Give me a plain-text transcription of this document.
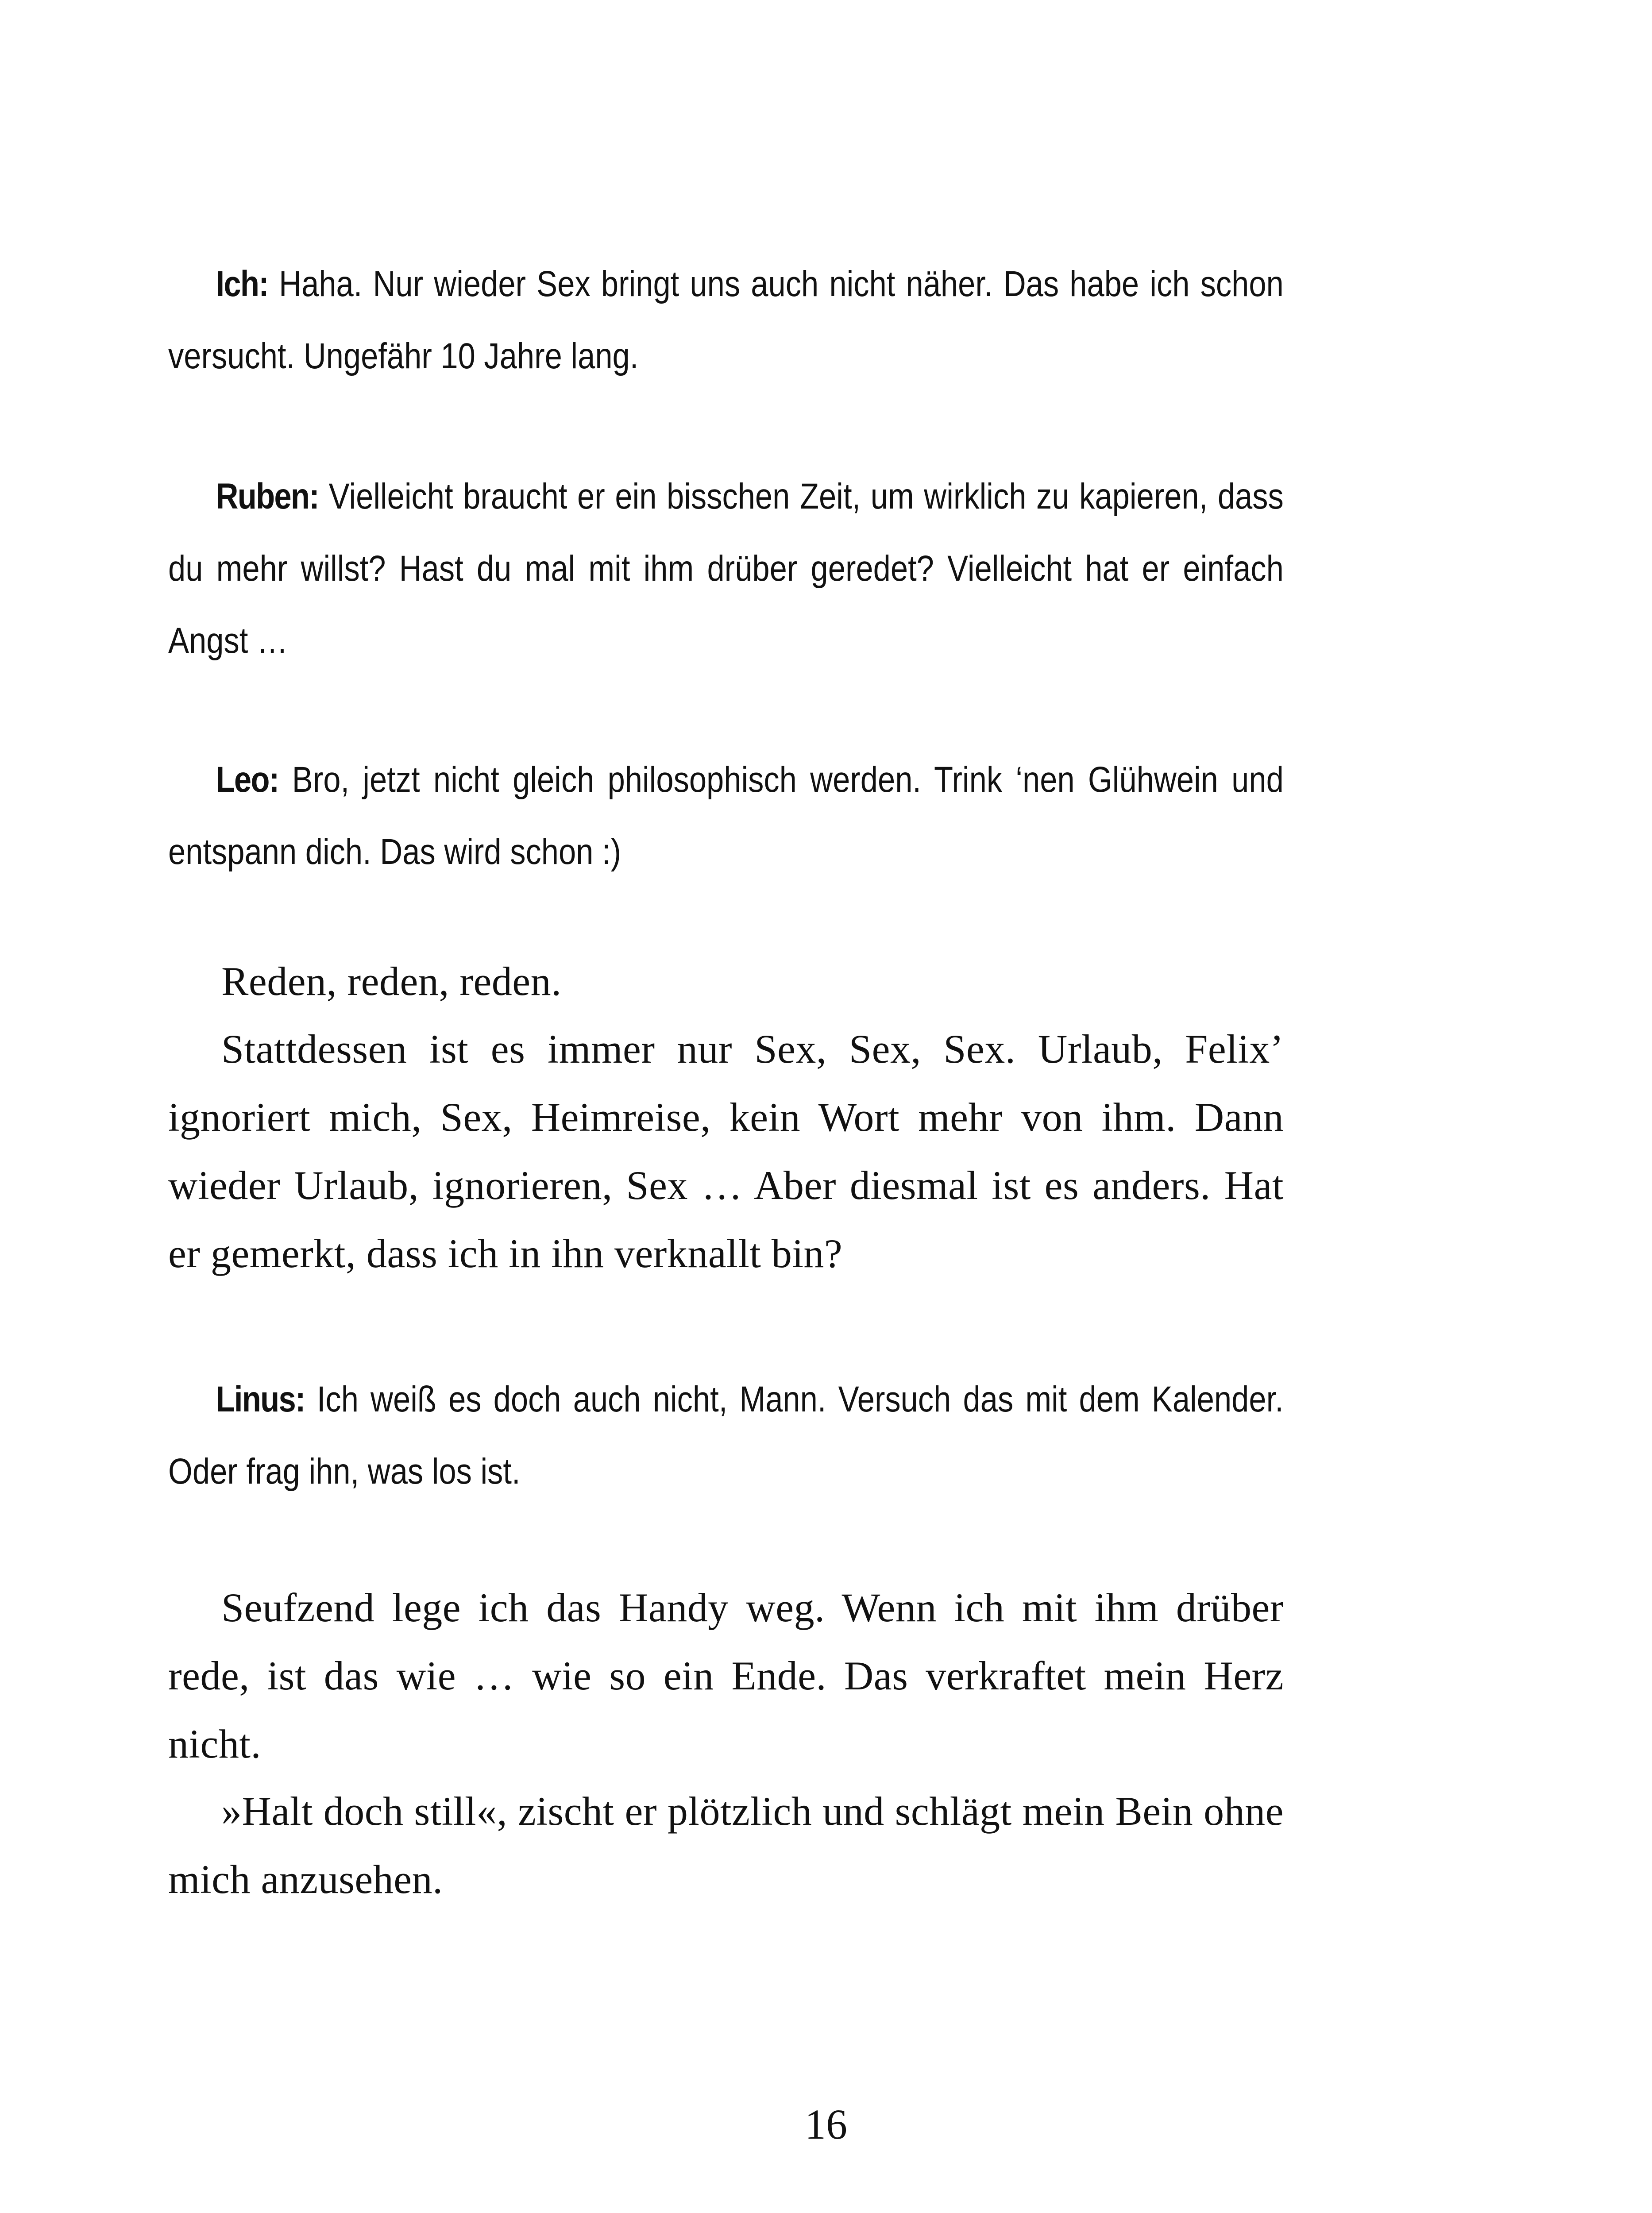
Ich: Haha. Nur wieder Sex bringt uns auch nicht näher. Das habe ich schon versucht. Ungefähr 10 Jahre lang.

Ruben: Vielleicht braucht er ein bisschen Zeit, um wirklich zu kapieren, dass du mehr willst? Hast du mal mit ihm drüber geredet? Vielleicht hat er einfach Angst …

Leo: Bro, jetzt nicht gleich philosophisch werden. Trink ‘nen Glühwein und entspann dich. Das wird schon :)

Reden, reden, reden.

Stattdessen ist es immer nur Sex, Sex, Sex. Urlaub, Felix’ ignoriert mich, Sex, Heimreise, kein Wort mehr von ihm. Dann wieder Urlaub, ignorieren, Sex … Aber diesmal ist es anders. Hat er gemerkt, dass ich in ihn verknallt bin?

Linus: Ich weiß es doch auch nicht, Mann. Versuch das mit dem Kalender. Oder frag ihn, was los ist.

Seufzend lege ich das Handy weg. Wenn ich mit ihm drüber rede, ist das wie … wie so ein Ende. Das verkraftet mein Herz nicht.

»Halt doch still«, zischt er plötzlich und schlägt mein Bein ohne mich anzusehen.

16
